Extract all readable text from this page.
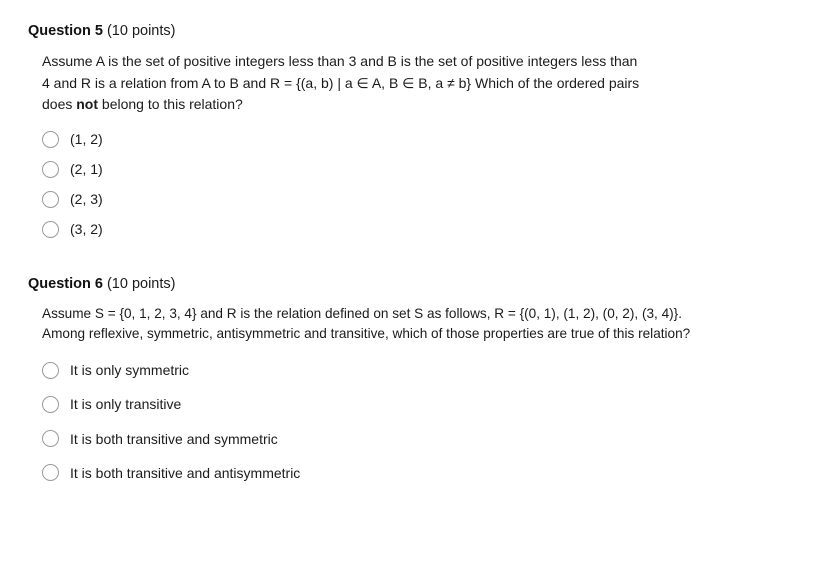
Question 5 (10 points)

Assume A is the set of positive integers less than 3 and B is the set of positive integers less than 4 and R is a relation from A to B and R = {(a, b) | a ∈ A, B ∈ B, a ≠ b} Which of the ordered pairs does not belong to this relation?

(1, 2)
(2, 1)
(2, 3)
(3, 2)
Question 6 (10 points)

Assume S = {0, 1, 2, 3, 4} and R is the relation defined on set S as follows, R = {(0, 1), (1, 2), (0, 2), (3, 4)}. Among reflexive, symmetric, antisymmetric and transitive, which of those properties are true of this relation?

It is only symmetric
It is only transitive
It is both transitive and symmetric
It is both transitive and antisymmetric
